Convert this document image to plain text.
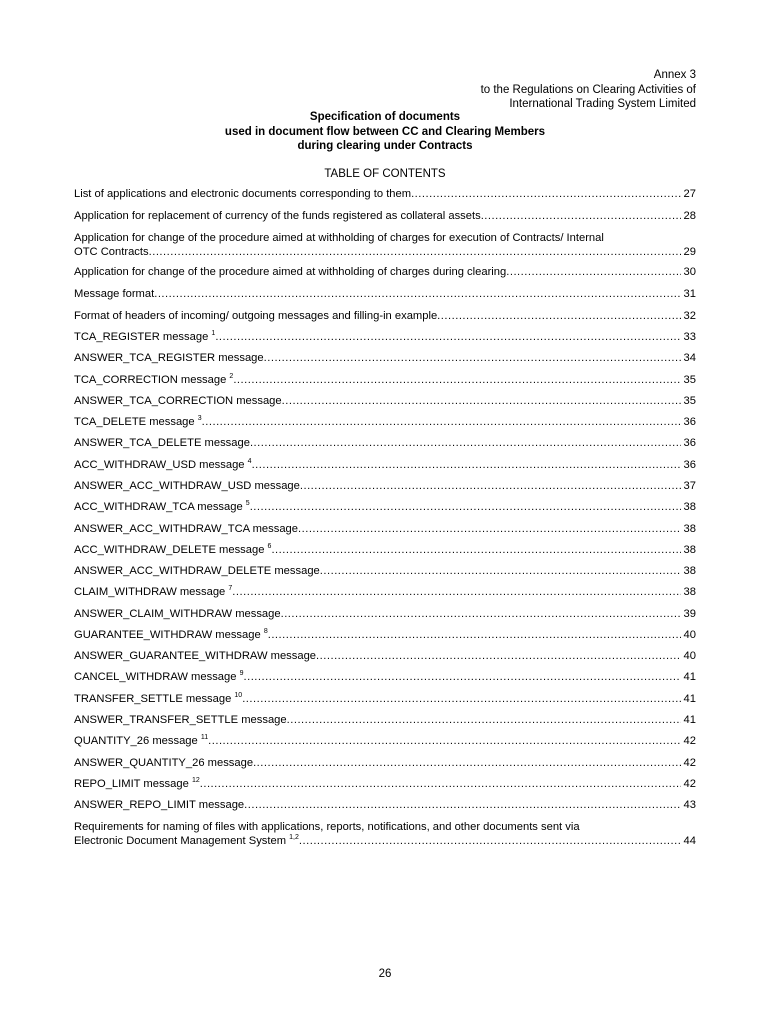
Annex 3
to the Regulations on Clearing Activities of
International Trading System Limited
Specification of documents
used in document flow between CC and Clearing Members
during clearing under Contracts
TABLE OF CONTENTS
List of applications and electronic documents corresponding to them .....	27
Application for replacement of currency of the funds registered as collateral assets .....	28
Application for change of the procedure aimed at withholding of charges for execution of Contracts/ Internal
OTC Contracts .....	29
Application for change of the procedure aimed at withholding of charges during clearing .....	30
Message format .....	31
Format of headers of incoming/ outgoing messages and filling-in example .....	32
TCA_REGISTER message $^1$ .....	33
ANSWER_TCA_REGISTER message .....	34
TCA_CORRECTION message $^2$ .....	35
ANSWER_TCA_CORRECTION message .....	35
TCA_DELETE message $^3$ .....	36
ANSWER_TCA_DELETE message .....	36
ACC_WITHDRAW_USD message $^4$ .....	36
ANSWER_ACC_WITHDRAW_USD message .....	37
ACC_WITHDRAW_TCA message $^5$ .....	38
ANSWER_ACC_WITHDRAW_TCA message .....	38
ACC_WITHDRAW_DELETE message $^6$ .....	38
ANSWER_ACC_WITHDRAW_DELETE message .....	38
CLAIM_WITHDRAW message $^7$ .....	38
ANSWER_CLAIM_WITHDRAW message .....	39
GUARANTEE_WITHDRAW message $^8$ .....	40
ANSWER_GUARANTEE_WITHDRAW message .....	40
CANCEL_WITHDRAW message $^9$ .....	41
TRANSFER_SETTLE message $^{10}$ .....	41
ANSWER_TRANSFER_SETTLE message .....	41
QUANTITY_26 message $^{11}$ .....	42
ANSWER_QUANTITY_26 message .....	42
REPO_LIMIT message $^{12}$ .....	42
ANSWER_REPO_LIMIT message .....	43
Requirements for naming of files with applications, reports, notifications, and other documents sent via
Electronic Document Management System $^{1,2}$ .....	44
26
